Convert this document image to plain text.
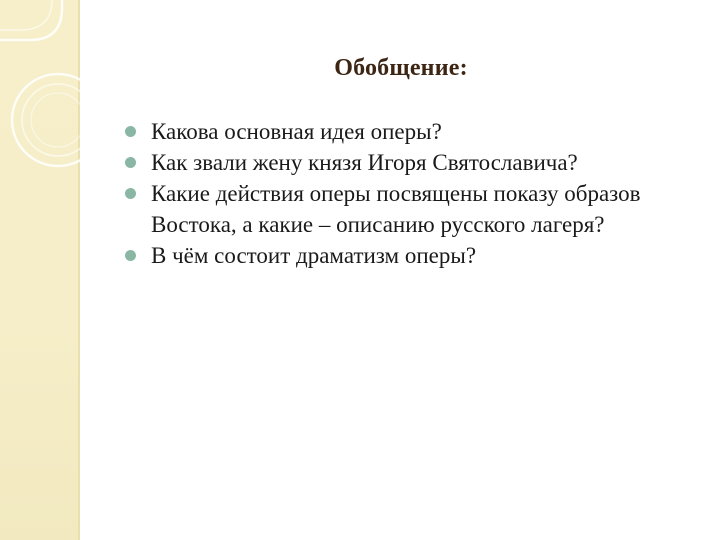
Обобщение:
Какова основная идея оперы?
Как звали жену князя Игоря Святославича?
Какие действия оперы посвящены показу образов Востока, а какие – описанию русского лагеря?
В чём состоит драматизм оперы?
